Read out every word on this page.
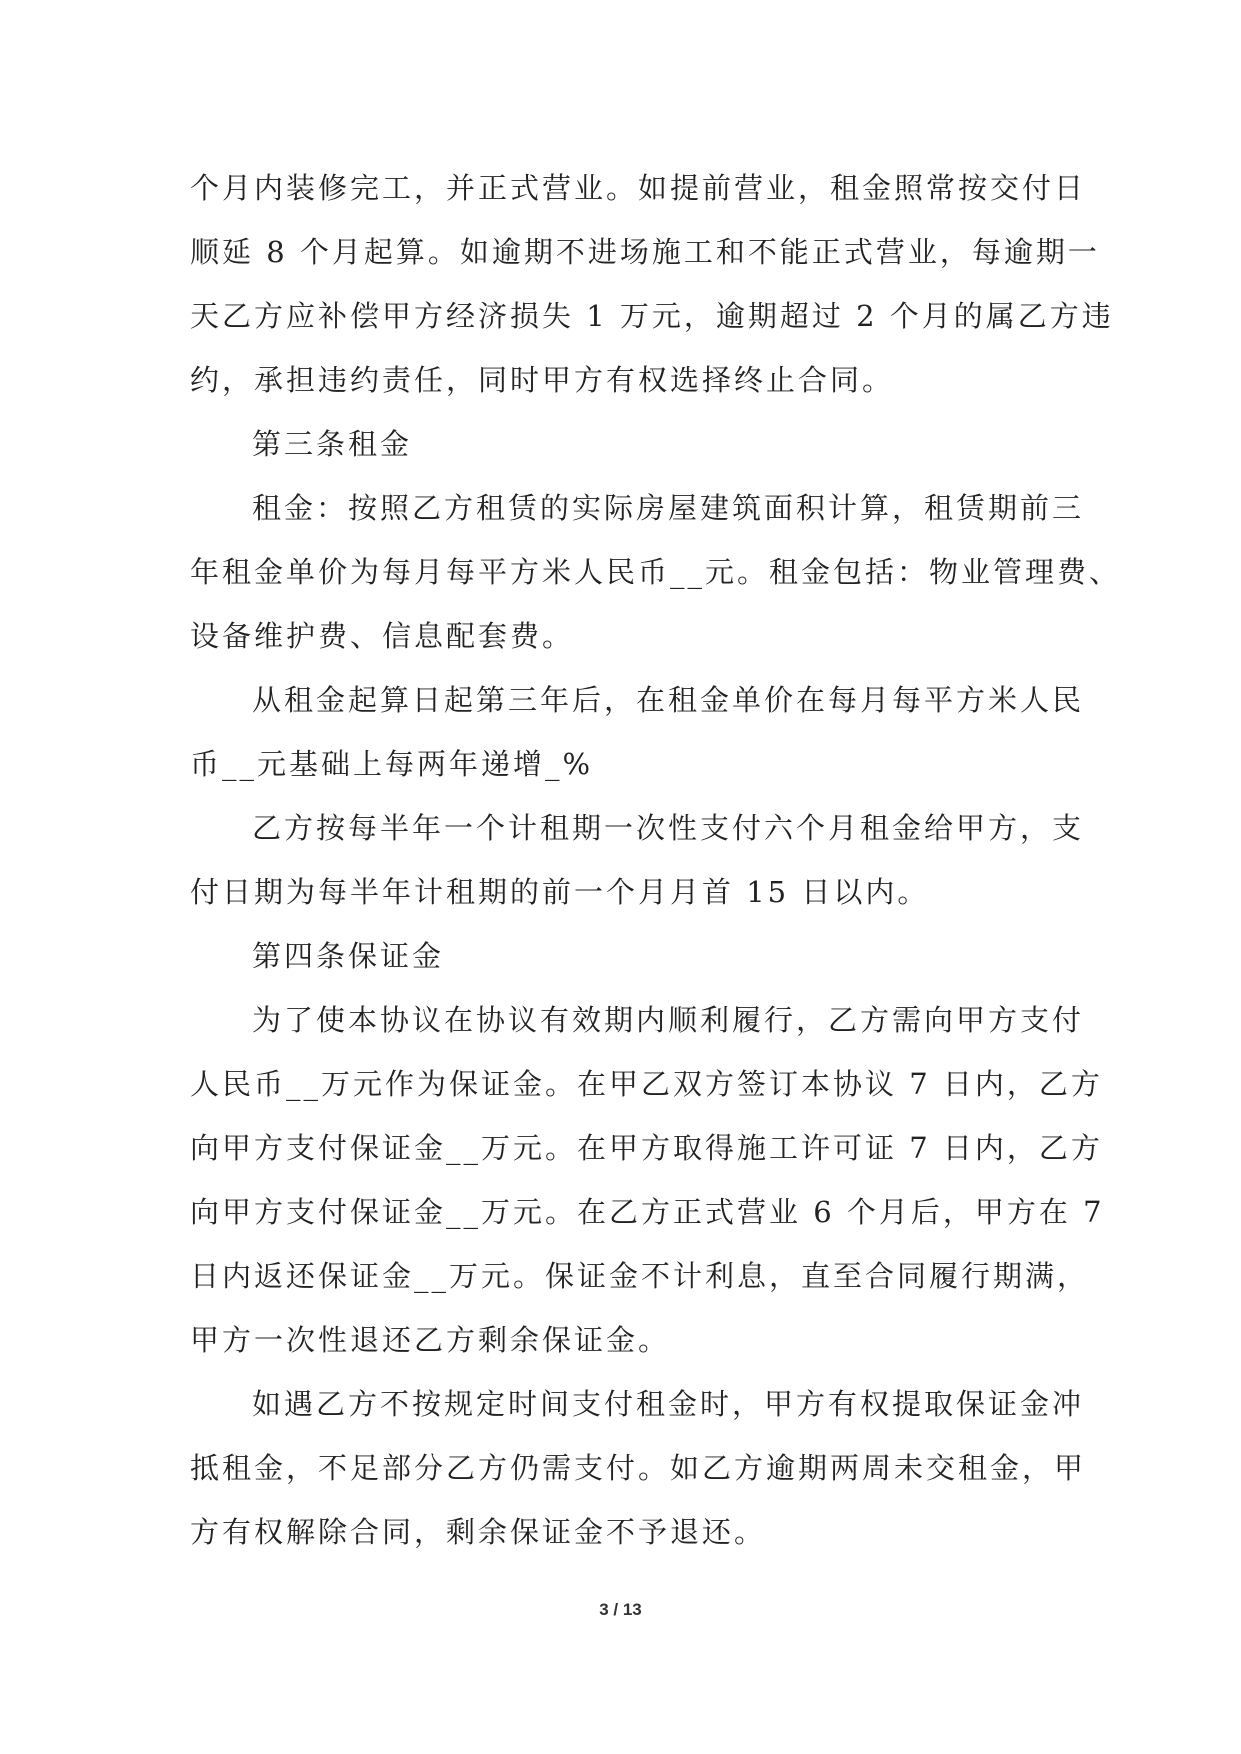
个月内装修完工，并正式营业。如提前营业，租金照常按交付日
顺延 8 个月起算。如逾期不进场施工和不能正式营业，每逾期一
天乙方应补偿甲方经济损失 1 万元，逾期超过 2 个月的属乙方违
约，承担违约责任，同时甲方有权选择终止合同。
第三条租金
租金：按照乙方租赁的实际房屋建筑面积计算，租赁期前三
年租金单价为每月每平方米人民币__元。租金包括：物业管理费、
设备维护费、信息配套费。
从租金起算日起第三年后，在租金单价在每月每平方米人民
币__元基础上每两年递增_%
乙方按每半年一个计租期一次性支付六个月租金给甲方，支
付日期为每半年计租期的前一个月月首 15 日以内。
第四条保证金
为了使本协议在协议有效期内顺利履行，乙方需向甲方支付
人民币__万元作为保证金。在甲乙双方签订本协议 7 日内，乙方
向甲方支付保证金__万元。在甲方取得施工许可证 7 日内，乙方
向甲方支付保证金__万元。在乙方正式营业 6 个月后，甲方在 7
日内返还保证金__万元。保证金不计利息，直至合同履行期满，
甲方一次性退还乙方剩余保证金。
如遇乙方不按规定时间支付租金时，甲方有权提取保证金冲
抵租金，不足部分乙方仍需支付。如乙方逾期两周未交租金，甲
方有权解除合同，剩余保证金不予退还。
3 / 13
